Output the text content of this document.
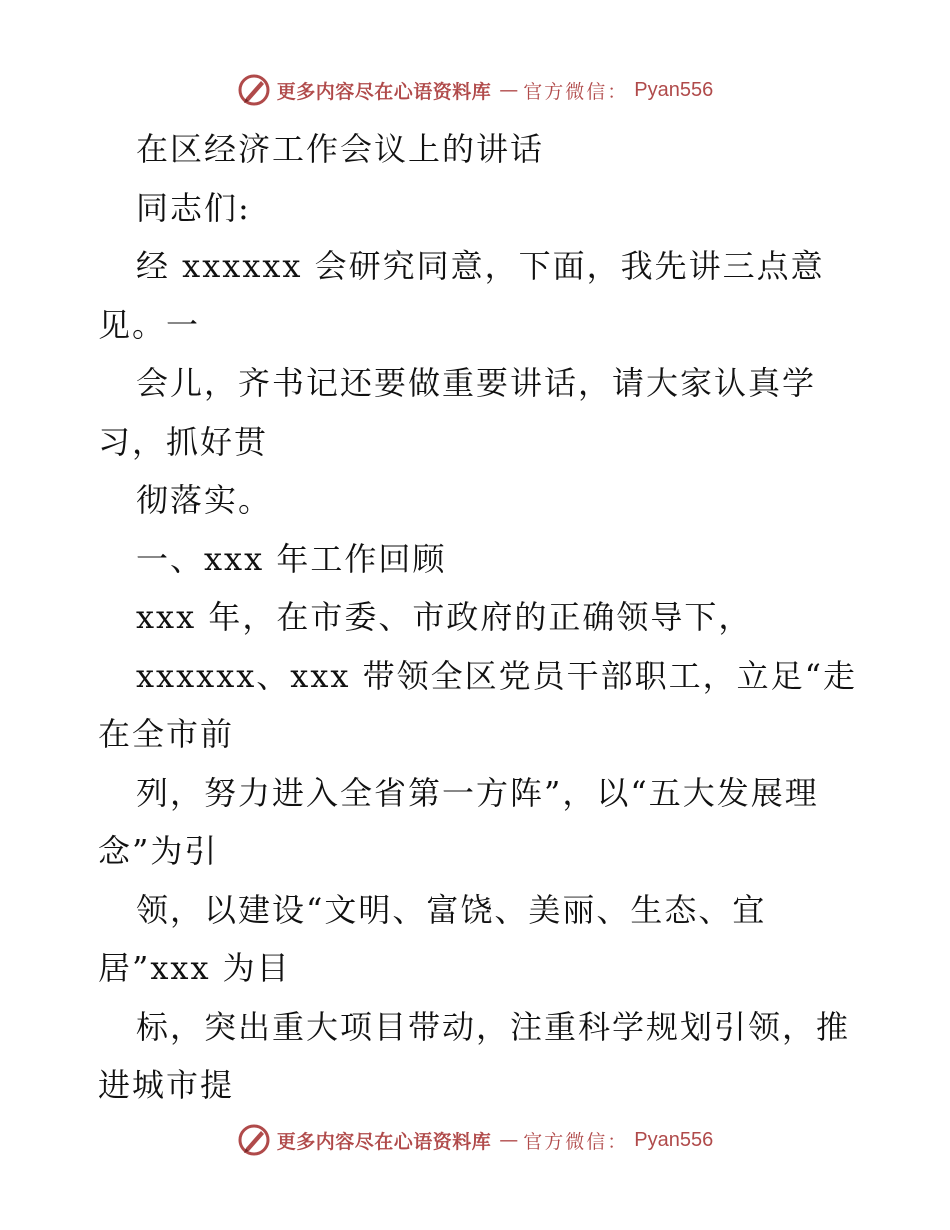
更多内容尽在心语资料库 — 官方微信： Pyan556
在区经济工作会议上的讲话
同志们:
经 xxxxxx 会研究同意，下面，我先讲三点意
见。一
会儿，齐书记还要做重要讲话，请大家认真学
习，抓好贯
彻落实。
一、xxx 年工作回顾
xxx 年，在市委、市政府的正确领导下，
xxxxxx、xxx 带领全区党员干部职工，立足“走
在全市前
列，努力进入全省第一方阵”，以“五大发展理
念”为引
领，以建设“文明、富饶、美丽、生态、宜
居”xxx 为目
标，突出重大项目带动，注重科学规划引领，推
进城市提
更多内容尽在心语资料库 — 官方微信： Pyan556
